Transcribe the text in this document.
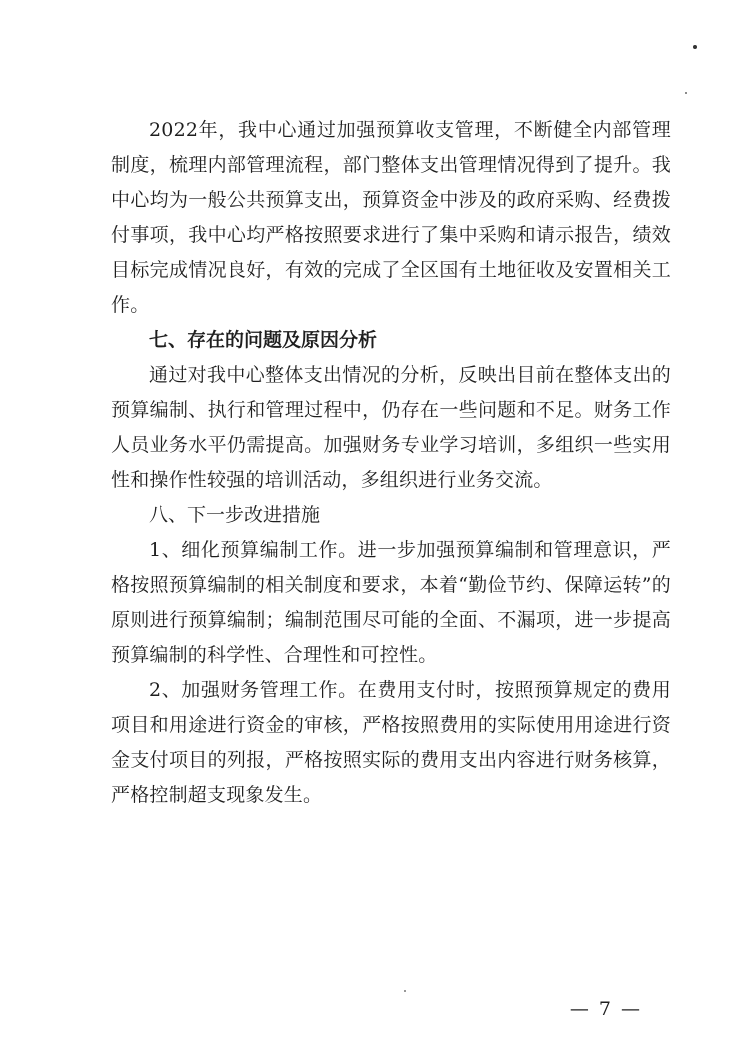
2022年，我中心通过加强预算收支管理，不断健全内部管理制度，梳理内部管理流程，部门整体支出管理情况得到了提升。我中心均为一般公共预算支出，预算资金中涉及的政府采购、经费拨付事项，我中心均严格按照要求进行了集中采购和请示报告，绩效目标完成情况良好，有效的完成了全区国有土地征收及安置相关工作。

七、存在的问题及原因分析

通过对我中心整体支出情况的分析，反映出目前在整体支出的预算编制、执行和管理过程中，仍存在一些问题和不足。财务工作人员业务水平仍需提高。加强财务专业学习培训，多组织一些实用性和操作性较强的培训活动，多组织进行业务交流。

八、下一步改进措施

1、细化预算编制工作。进一步加强预算编制和管理意识，严格按照预算编制的相关制度和要求，本着“勤俭节约、保障运转”的原则进行预算编制；编制范围尽可能的全面、不漏项，进一步提高预算编制的科学性、合理性和可控性。

2、加强财务管理工作。在费用支付时，按照预算规定的费用项目和用途进行资金的审核，严格按照费用的实际使用用途进行资金支付项目的列报，严格按照实际的费用支出内容进行财务核算，严格控制超支现象发生。

— 7 —
